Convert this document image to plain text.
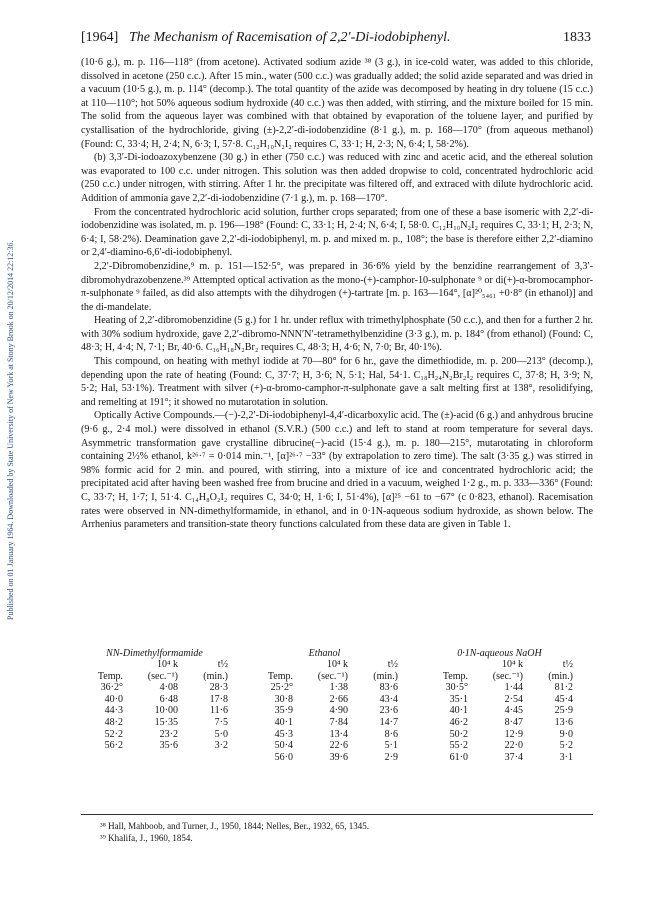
Published on 01 January 1964. Downloaded by State University of New York at Stony Brook on 20/12/2014 22:12:36.
[1964] The Mechanism of Racemisation of 2,2′-Di-iodobiphenyl.	1833

(10·6 g.), m. p. 116—118° (from acetone). Activated sodium azide ³⁸ (3 g.), in ice-cold water, was added to this chloride, dissolved in acetone (250 c.c.). After 15 min., water (500 c.c.) was gradually added; the solid azide separated and was dried in a vacuum (10·5 g.), m. p. 114° (decomp.). The total quantity of the azide was decomposed by heating in dry toluene (15 c.c.) at 110—110°; hot 50% aqueous sodium hydroxide (40 c.c.) was then added, with stirring, and the mixture boiled for 15 min. The solid from the aqueous layer was combined with that obtained by evaporation of the toluene layer, and purified by cystallisation of the hydrochloride, giving (±)-2,2′-di-iodobenzidine (8·1 g.), m. p. 168—170° (from aqueous methanol) (Found: C, 33·4; H, 2·4; N, 6·3; I, 57·8. C₁₂H₁₀N₂I₂ requires C, 33·1; H, 2·3; N, 6·4; I, 58·2%).

(b) 3,3′-Di-iodoazoxybenzene (30 g.) in ether (750 c.c.) was reduced with zinc and acetic acid, and the ethereal solution was evaporated to 100 c.c. under nitrogen. This solution was then added dropwise to cold, concentrated hydrochloric acid (250 c.c.) under nitrogen, with stirring. After 1 hr. the precipitate was filtered off, and extraced with dilute hydrochloric acid. Addition of ammonia gave 2,2′-di-iodobenzidine (7·1 g.), m. p. 168—170°.

From the concentrated hydrochloric acid solution, further crops separated; from one of these a base isomeric with 2,2′-di-iodobenzidine was isolated, m. p. 196—198° (Found: C, 33·1; H, 2·4; N, 6·4; I, 58·0. C₁₂H₁₀N₂I₂ requires C, 33·1; H, 2·3; N, 6·4; I, 58·2%). Deamination gave 2,2′-di-iodobiphenyl, m. p. and mixed m. p., 108°; the base is therefore either 2,2′-diamino or 2,4′-diamino-6,6′-di-iodobiphenyl.

2,2′-Dibromobenzidine,⁹ m. p. 151—152·5°, was prepared in 36·6% yield by the benzidine rearrangement of 3,3′-dibromohydrazobenzene.³⁹ Attempted optical activation as the mono-(+)-camphor-10-sulphonate ⁹ or di(+)-α-bromocamphor-π-sulphonate ⁹ failed, as did also attempts with the dihydrogen (+)-tartrate [m. p. 163—164°, [α]²⁰₅₄₆₁ +0·8° (in ethanol)] and the di-mandelate.

Heating of 2,2′-dibromobenzidine (5 g.) for 1 hr. under reflux with trimethylphosphate (50 c.c.), and then for a further 2 hr. with 30% sodium hydroxide, gave 2,2′-dibromo-NNN′N′-tetramethylbenzidine (3·3 g.), m. p. 184° (from ethanol) (Found: C, 48·3; H, 4·4; N, 7·1; Br, 40·6. C₁₆H₁₈N₂Br₂ requires C, 48·3; H, 4·6; N, 7·0; Br, 40·1%).

This compound, on heating with methyl iodide at 70—80° for 6 hr., gave the dimethiodide, m. p. 200—213° (decomp.), depending upon the rate of heating (Found: C, 37·7; H, 3·6; N, 5·1; Hal, 54·1. C₁₈H₂₄N₂Br₂I₂ requires C, 37·8; H, 3·9; N, 5·2; Hal, 53·1%). Treatment with silver (+)-α-bromo-camphor-π-sulphonate gave a salt melting first at 138°, resolidifying, and remelting at 191°; it showed no mutarotation in solution.

Optically Active Compounds.—(−)-2,2′-Di-iodobiphenyl-4,4′-dicarboxylic acid. The (±)-acid (6 g.) and anhydrous brucine (9·6 g., 2·4 mol.) were dissolved in ethanol (S.V.R.) (500 c.c.) and left to stand at room temperature for several days. Asymmetric transformation gave crystalline dibrucine(−)-acid (15·4 g.), m. p. 180—215°, mutarotating in chloroform containing 2½% ethanol, k²⁶·⁷ = 0·014 min.⁻¹, [α]²⁶·⁷ −33° (by extrapolation to zero time). The salt (3·35 g.) was stirred in 98% formic acid for 2 min. and poured, with stirring, into a mixture of ice and concentrated hydrochloric acid; the precipitated acid after having been washed free from brucine and dried in a vacuum, weighed 1·2 g., m. p. 333—336° (Found: C, 33·7; H, 1·7; I, 51·4. C₁₄H₈O₂I₂ requires C, 34·0; H, 1·6; I, 51·4%), [α]²⁵ −61 to −67° (c 0·823, ethanol). Racemisation rates were observed in NN-dimethylformamide, in ethanol, and in 0·1N-aqueous sodium hydroxide, as shown below. The Arrhenius parameters and transition-state theory functions calculated from these data are given in Table 1.

NN-Dimethylformamide
10⁴ k	t½
Temp.	(sec.⁻¹)	(min.)
36·2°	4·08	28·3
40·0	6·48	17·8
44·3	10·00	11·6
48·2	15·35	7·5
52·2	23·2	5·0
56·2	35·6	3·2
Ethanol
10⁴ k	t½
Temp.	(sec.⁻¹)	(min.)
25·2°	1·38	83·6
30·8	2·66	43·4
35·9	4·90	23·6
40·1	7·84	14·7
45·3	13·4	8·6
50·4	22·6	5·1
56·0	39·6	2·9
0·1N-aqueous NaOH
10⁴ k	t½
Temp.	(sec.⁻¹)	(min.)
30·5°	1·44	81·2
35·1	2·54	45·4
40·1	4·45	25·9
46·2	8·47	13·6
50·2	12·9	9·0
55·2	22·0	5·2
61·0	37·4	3·1
³⁸ Hall, Mahboob, and Turner, J., 1950, 1844; Nelles, Ber., 1932, 65, 1345.
³⁹ Khalifa, J., 1960, 1854.
